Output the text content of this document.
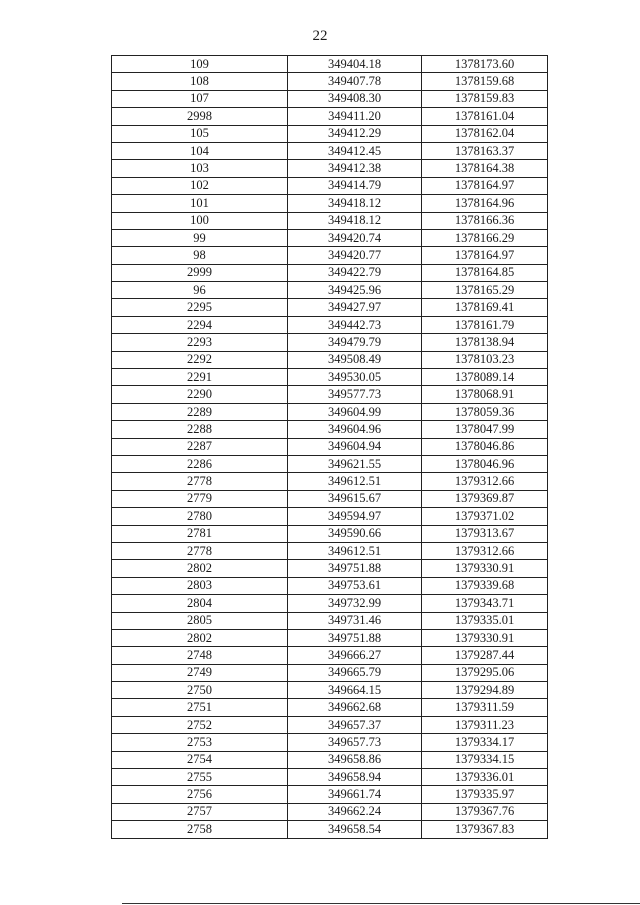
22
109	349404.18	1378173.60
108	349407.78	1378159.68
107	349408.30	1378159.83
2998	349411.20	1378161.04
105	349412.29	1378162.04
104	349412.45	1378163.37
103	349412.38	1378164.38
102	349414.79	1378164.97
101	349418.12	1378164.96
100	349418.12	1378166.36
99	349420.74	1378166.29
98	349420.77	1378164.97
2999	349422.79	1378164.85
96	349425.96	1378165.29
2295	349427.97	1378169.41
2294	349442.73	1378161.79
2293	349479.79	1378138.94
2292	349508.49	1378103.23
2291	349530.05	1378089.14
2290	349577.73	1378068.91
2289	349604.99	1378059.36
2288	349604.96	1378047.99
2287	349604.94	1378046.86
2286	349621.55	1378046.96
2778	349612.51	1379312.66
2779	349615.67	1379369.87
2780	349594.97	1379371.02
2781	349590.66	1379313.67
2778	349612.51	1379312.66
2802	349751.88	1379330.91
2803	349753.61	1379339.68
2804	349732.99	1379343.71
2805	349731.46	1379335.01
2802	349751.88	1379330.91
2748	349666.27	1379287.44
2749	349665.79	1379295.06
2750	349664.15	1379294.89
2751	349662.68	1379311.59
2752	349657.37	1379311.23
2753	349657.73	1379334.17
2754	349658.86	1379334.15
2755	349658.94	1379336.01
2756	349661.74	1379335.97
2757	349662.24	1379367.76
2758	349658.54	1379367.83
